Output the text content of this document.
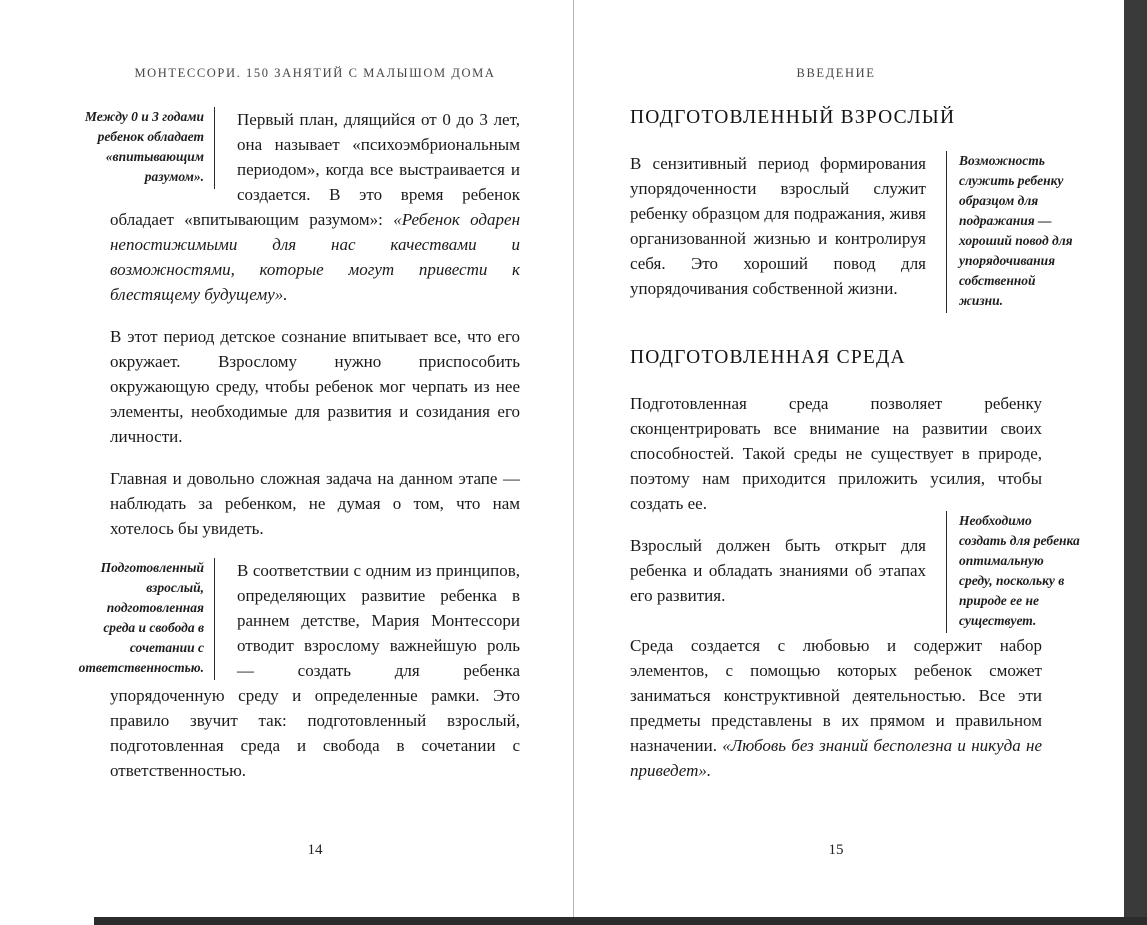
МОНТЕССОРИ. 150 ЗАНЯТИЙ С МАЛЫШОМ ДОМА

Между 0 и 3 годами ребенок обладает «впитывающим разумом».
Первый план, длящийся от 0 до 3 лет, она называет «психоэмбриональным периодом», когда все выстраивается и создается. В это время ребенок обладает «впитывающим разумом»: «Ребенок одарен непостижимыми для нас качествами и возможностями, которые могут привести к блестящему будущему».

В этот период детское сознание впитывает все, что его окружает. Взрослому нужно приспособить окружающую среду, чтобы ребенок мог черпать из нее элементы, необходимые для развития и созидания его личности.

Главная и довольно сложная задача на данном этапе — наблюдать за ребенком, не думая о том, что нам хотелось бы увидеть.

Подготовленный взрослый, подготовленная среда и свобода в сочетании с ответственностью.
В соответствии с одним из принципов, определяющих развитие ребенка в раннем детстве, Мария Монтессори отводит взрослому важнейшую роль — создать для ребенка упорядоченную среду и определенные рамки. Это правило звучит так: подготовленный взрослый, подготовленная среда и свобода в сочетании с ответственностью.

14
ВВЕДЕНИЕ
ПОДГОТОВЛЕННЫЙ ВЗРОСЛЫЙ

Возможность служить ребенку образцом для подражания — хороший повод для упорядочивания собственной жизни.
В сензитивный период формирования упорядоченности взрослый служит ребенку образцом для подражания, живя организованной жизнью и контролируя себя. Это хороший повод для упорядочивания собственной жизни.

ПОДГОТОВЛЕННАЯ СРЕДА

Подготовленная среда позволяет ребенку сконцентрировать все внимание на развитии своих способностей. Такой среды не существует в природе, поэтому нам приходится приложить усилия, чтобы создать ее.

Необходимо создать для ребенка оптимальную среду, поскольку в природе ее не существует.
Взрослый должен быть открыт для ребенка и обладать знаниями об этапах его развития.

Среда создается с любовью и содержит набор элементов, с помощью которых ребенок сможет заниматься конструктивной деятельностью. Все эти предметы представлены в их прямом и правильном назначении. «Любовь без знаний бесполезна и никуда не приведет».

15
